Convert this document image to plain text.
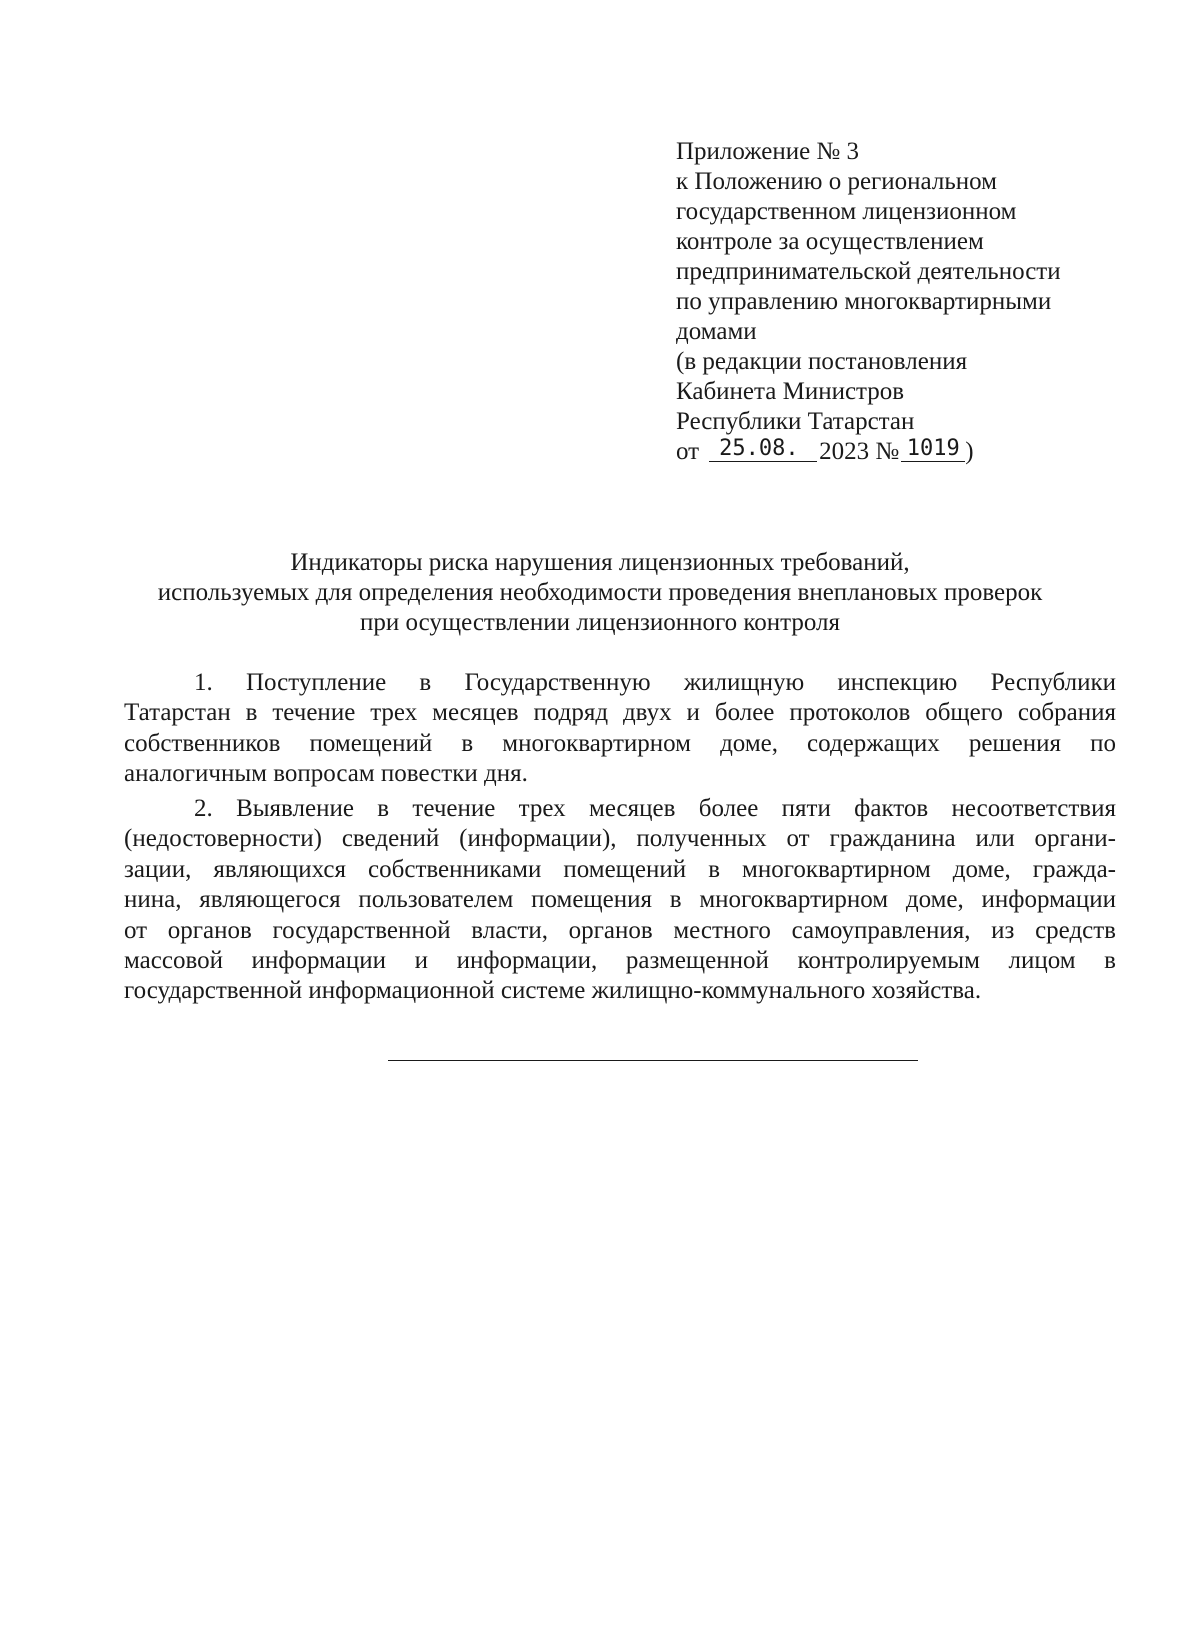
Приложение № 3
к Положению о региональном
государственном лицензионном
контроле за осуществлением
предпринимательской деятельности
по управлению многоквартирными
домами
(в редакции постановления
Кабинета Министров
Республики Татарстан
от 25.08. 2023 № 1019 )
Индикаторы риска нарушения лицензионных требований,
используемых для определения необходимости проведения внеплановых проверок
при осуществлении лицензионного контроля
1. Поступление в Государственную жилищную инспекцию Республики
Татарстан в течение трех месяцев подряд двух и более протоколов общего собрания
собственников помещений в многоквартирном доме, содержащих решения по
аналогичным вопросам повестки дня.
2. Выявление в течение трех месяцев более пяти фактов несоответствия
(недостоверности) сведений (информации), полученных от гражданина или органи-
зации, являющихся собственниками помещений в многоквартирном доме, гражда-
нина, являющегося пользователем помещения в многоквартирном доме, информации
от органов государственной власти, органов местного самоуправления, из средств
массовой информации и информации, размещенной контролируемым лицом в
государственной информационной системе жилищно-коммунального хозяйства.
